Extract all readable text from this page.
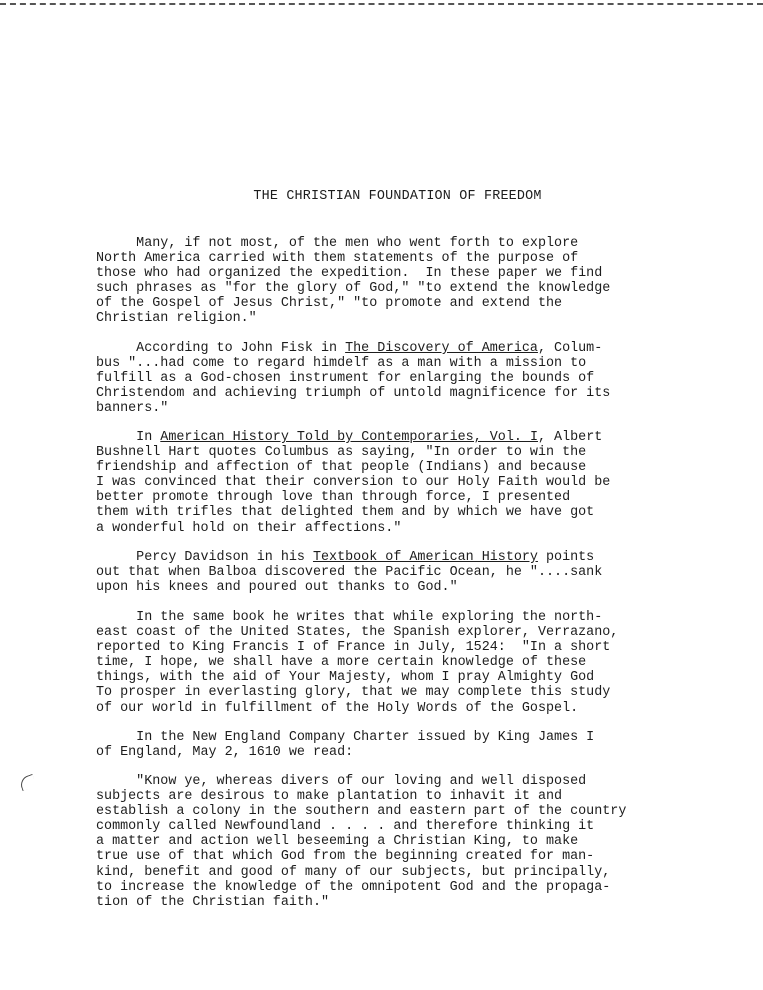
THE CHRISTIAN FOUNDATION OF FREEDOM

Many, if not most, of the men who went forth to explore
North America carried with them statements of the purpose of
those who had organized the expedition.  In these paper we find
such phrases as "for the glory of God," "to extend the knowledge
of the Gospel of Jesus Christ," "to promote and extend the
Christian religion."

According to John Fisk in The Discovery of America, Colum-
bus "...had come to regard himdelf as a man with a mission to
fulfill as a God-chosen instrument for enlarging the bounds of
Christendom and achieving triumph of untold magnificence for its
banners."

In American History Told by Contemporaries, Vol. I, Albert
Bushnell Hart quotes Columbus as saying, "In order to win the
friendship and affection of that people (Indians) and because
I was convinced that their conversion to our Holy Faith would be
better promote through love than through force, I presented
them with trifles that delighted them and by which we have got
a wonderful hold on their affections."

Percy Davidson in his Textbook of American History points
out that when Balboa discovered the Pacific Ocean, he "....sank
upon his knees and poured out thanks to God."

In the same book he writes that while exploring the north-
east coast of the United States, the Spanish explorer, Verrazano,
reported to King Francis I of France in July, 1524:  "In a short
time, I hope, we shall have a more certain knowledge of these
things, with the aid of Your Majesty, whom I pray Almighty God
To prosper in everlasting glory, that we may complete this study
of our world in fulfillment of the Holy Words of the Gospel.

In the New England Company Charter issued by King James I
of England, May 2, 1610 we read:

"Know ye, whereas divers of our loving and well disposed
subjects are desirous to make plantation to inhavit it and
establish a colony in the southern and eastern part of the country
commonly called Newfoundland . . . . and therefore thinking it
a matter and action well beseeming a Christian King, to make
true use of that which God from the beginning created for man-
kind, benefit and good of many of our subjects, but principally,
to increase the knowledge of the omnipotent God and the propaga-
tion of the Christian faith."
